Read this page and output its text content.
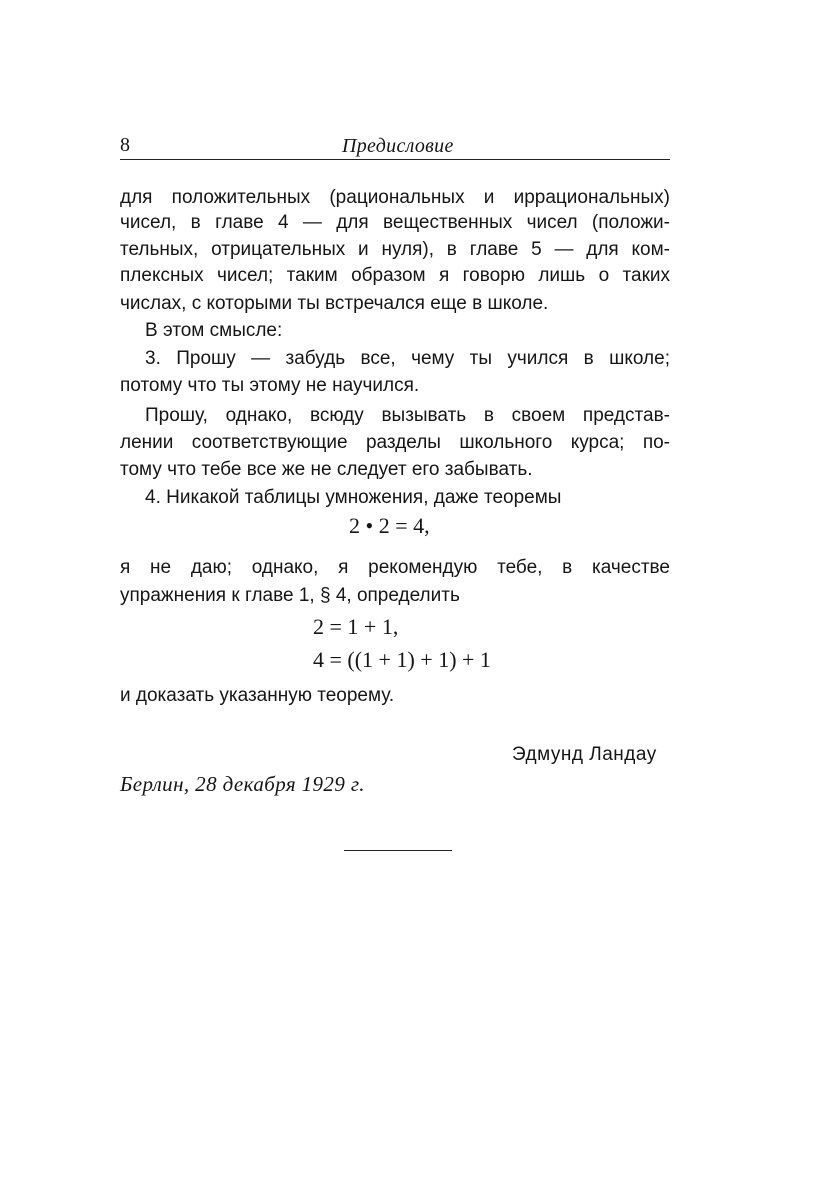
8	Предисловие
для положительных (рациональных и иррациональных)
чисел, в главе 4 — для вещественных чисел (положи-
тельных, отрицательных и нуля), в главе 5 — для ком-
плексных чисел; таким образом я говорю лишь о таких
числах, с которыми ты встречался еще в школе.
В этом смысле:
3. Прошу — забудь все, чему ты учился в школе;
потому что ты этому не научился.
Прошу, однако, всюду вызывать в своем представ-
лении соответствующие разделы школьного курса; по-
тому что тебе все же не следует его забывать.
4. Никакой таблицы умножения, даже теоремы
2 • 2 = 4,
я не даю; однако, я рекомендую тебе, в качестве
упражнения к главе 1, § 4, определить
2 = 1 + 1,
4 = ((1 + 1) + 1) + 1
и доказать указанную теорему.
Эдмунд Ландау
Берлин, 28 декабря 1929 г.
